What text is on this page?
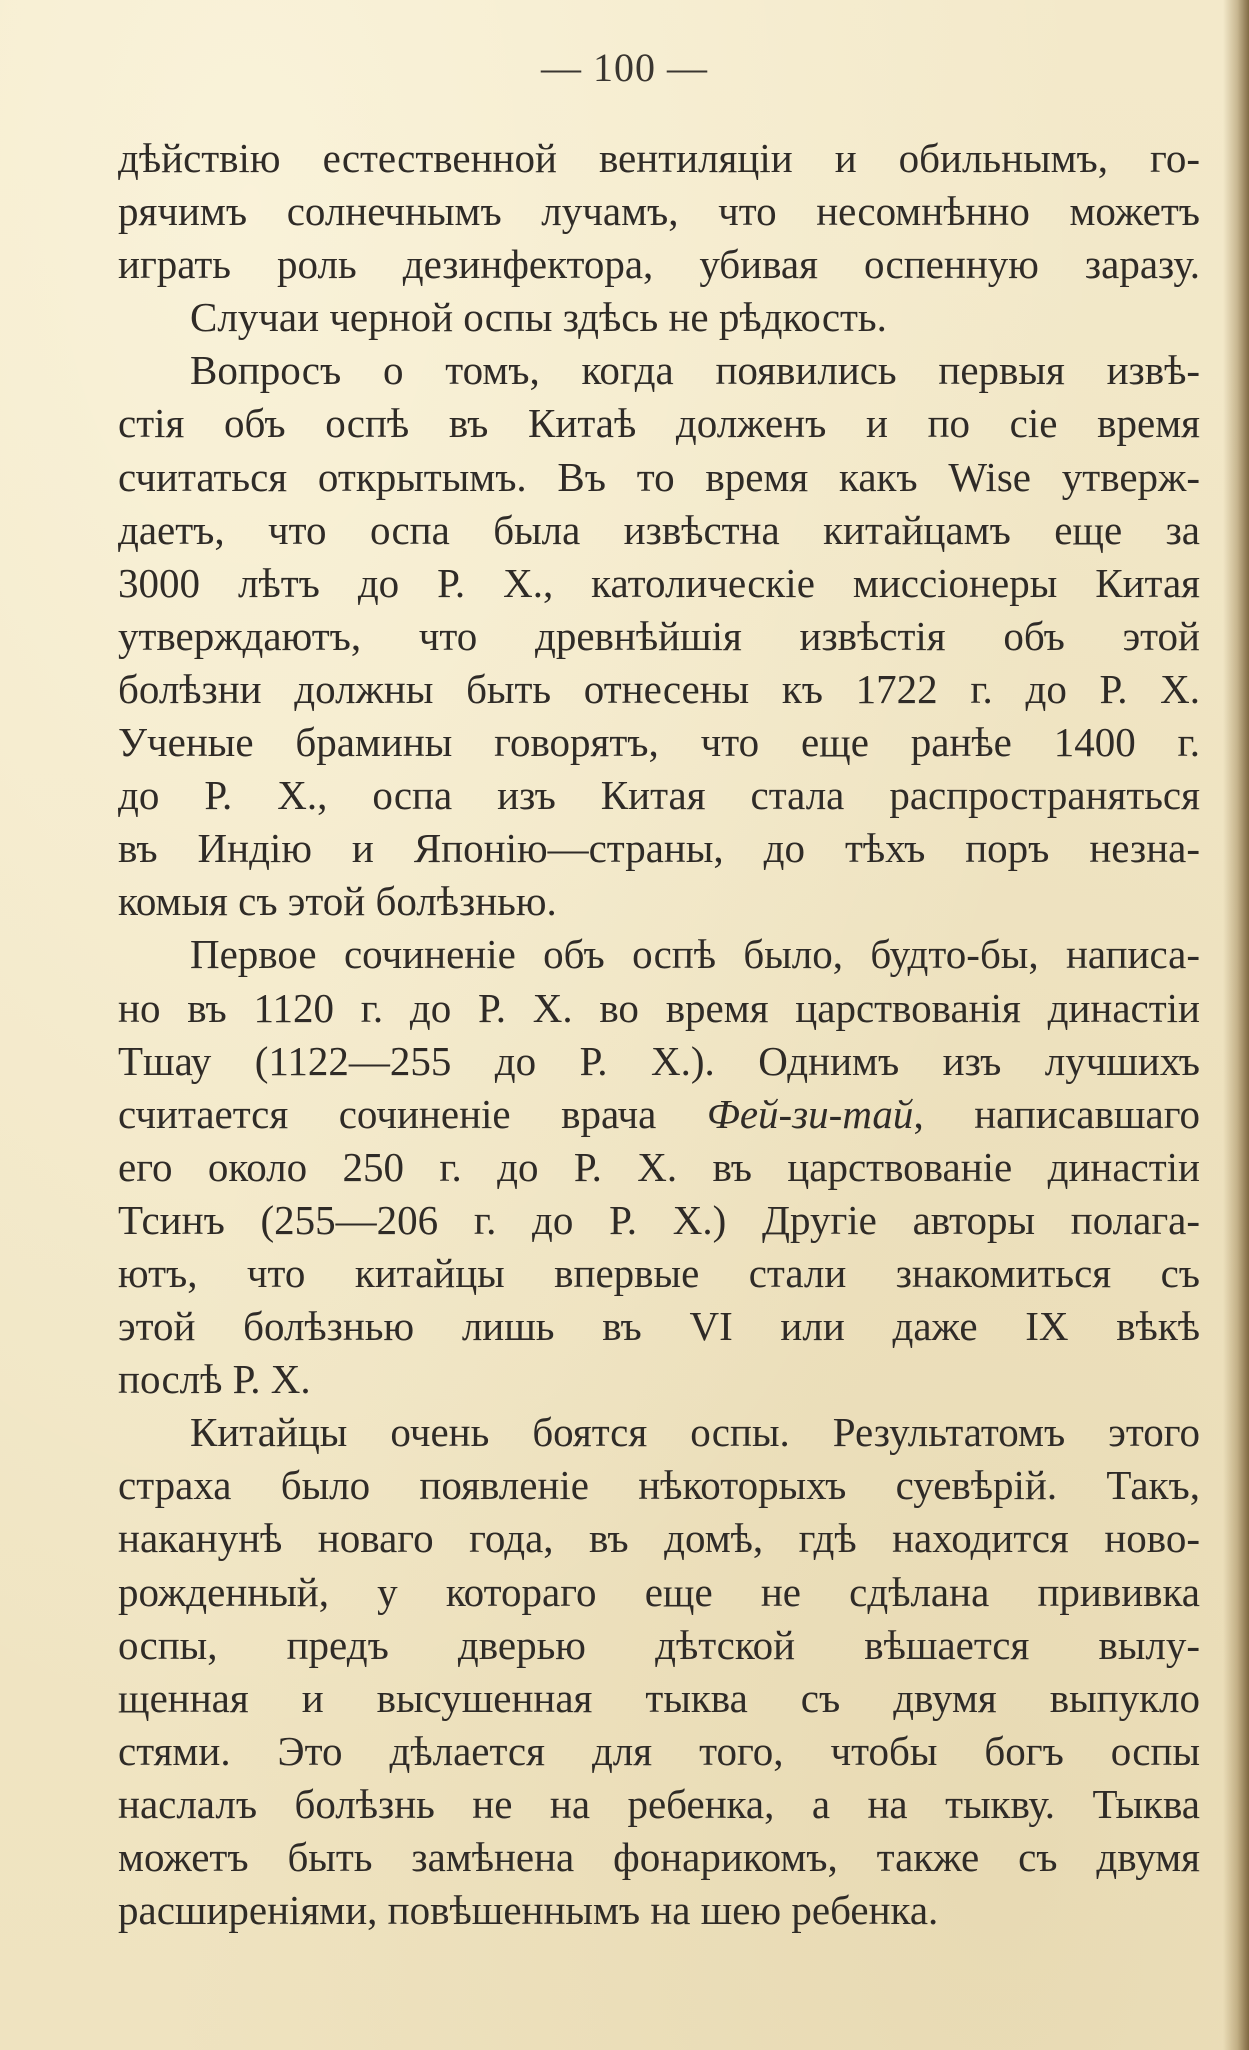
— 100 —
дѣйствію естественной вентиляціи и обильнымъ, го-
рячимъ солнечнымъ лучамъ, что несомнѣнно можетъ
играть роль дезинфектора, убивая оспенную заразу.
Случаи черной оспы здѣсь не рѣдкость.
Вопросъ о томъ, когда появились первыя извѣ-
стія объ оспѣ въ Китаѣ долженъ и по сіе время
считаться открытымъ. Въ то время какъ Wise утверж-
даетъ, что оспа была извѣстна китайцамъ еще за
3000 лѣтъ до Р. Х., католическіе миссіонеры Китая
утверждаютъ, что древнѣйшія извѣстія объ этой
болѣзни должны быть отнесены къ 1722 г. до Р. Х.
Ученые брамины говорятъ, что еще ранѣе 1400 г.
до Р. Х., оспа изъ Китая стала распространяться
въ Индію и Японію—страны, до тѣхъ поръ незна-
комыя съ этой болѣзнью.
Первое сочиненіе объ оспѣ было, будто-бы, написа-
но въ 1120 г. до Р. Х. во время царствованія династіи
Тшау (1122—255 до Р. Х.). Однимъ изъ лучшихъ
считается сочиненіе врача Фей-зи-тай, написавшаго
его около 250 г. до Р. Х. въ царствованіе династіи
Тсинъ (255—206 г. до Р. Х.) Другіе авторы полага-
ютъ, что китайцы впервые стали знакомиться съ
этой болѣзнью лишь въ VI или даже IX вѣкѣ
послѣ Р. Х.
Китайцы очень боятся оспы. Результатомъ этого
страха было появленіе нѣкоторыхъ суевѣрій. Такъ,
наканунѣ новаго года, въ домѣ, гдѣ находится ново-
рожденный, у котораго еще не сдѣлана прививка
оспы, предъ дверью дѣтской вѣшается вылу-
щенная и высушенная тыква съ двумя выпукло
стями. Это дѣлается для того, чтобы богъ оспы
наслалъ болѣзнь не на ребенка, а на тыкву. Тыква
можетъ быть замѣнена фонарикомъ, также съ двумя
расширеніями, повѣшеннымъ на шею ребенка.
